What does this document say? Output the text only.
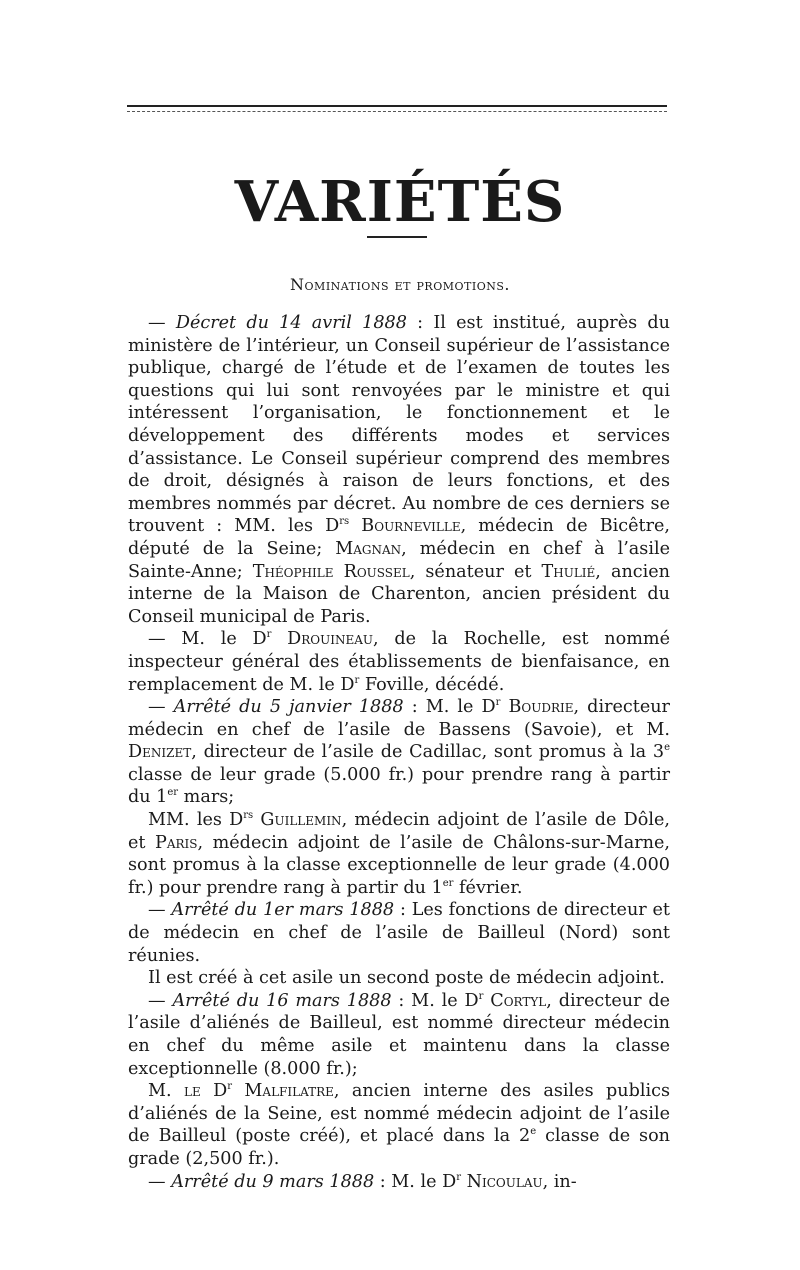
VARIÉTÉS
Nominations et promotions.

— Décret du 14 avril 1888 : Il est institué, auprès du ministère de l’intérieur, un Conseil supérieur de l’assistance publique, chargé de l’étude et de l’examen de toutes les questions qui lui sont renvoyées par le ministre et qui intéressent l’organisation, le fonctionnement et le développement des différents modes et services d’assistance. Le Conseil supérieur comprend des membres de droit, désignés à raison de leurs fonctions, et des membres nommés par décret. Au nombre de ces derniers se trouvent : MM. les $D^{rs}$ Bourneville, médecin de Bicêtre, député de la Seine; Magnan, médecin en chef à l’asile Sainte-Anne; Théophile Roussel, sénateur et Thulié, ancien interne de la Maison de Charenton, ancien président du Conseil municipal de Paris.

— M. le $D^r$ Drouineau, de la Rochelle, est nommé inspecteur général des établissements de bienfaisance, en remplacement de M. le $D^r$ Foville, décédé.

— Arrêté du 5 janvier 1888 : M. le $D^r$ Boudrie, directeur médecin en chef de l’asile de Bassens (Savoie), et M. Denizet, directeur de l’asile de Cadillac, sont promus à la 3e classe de leur grade (5.000 fr.) pour prendre rang à partir du 1er mars;

MM. les $D^{rs}$ Guillemin, médecin adjoint de l’asile de Dôle, et Paris, médecin adjoint de l’asile de Châlons-sur-Marne, sont promus à la classe exceptionnelle de leur grade (4.000 fr.) pour prendre rang à partir du 1er février.

— Arrêté du 1er mars 1888 : Les fonctions de directeur et de médecin en chef de l’asile de Bailleul (Nord) sont réunies.

Il est créé à cet asile un second poste de médecin adjoint.

— Arrêté du 16 mars 1888 : M. le $D^r$ Cortyl, directeur de l’asile d’aliénés de Bailleul, est nommé directeur médecin en chef du même asile et maintenu dans la classe exceptionnelle (8.000 fr.);

M. le $D^r$ Malfilatre, ancien interne des asiles publics d’aliénés de la Seine, est nommé médecin adjoint de l’asile de Bailleul (poste créé), et placé dans la 2e classe de son grade (2,500 fr.).

— Arrêté du 9 mars 1888 : M. le $D^r$ Nicoulau, in-
